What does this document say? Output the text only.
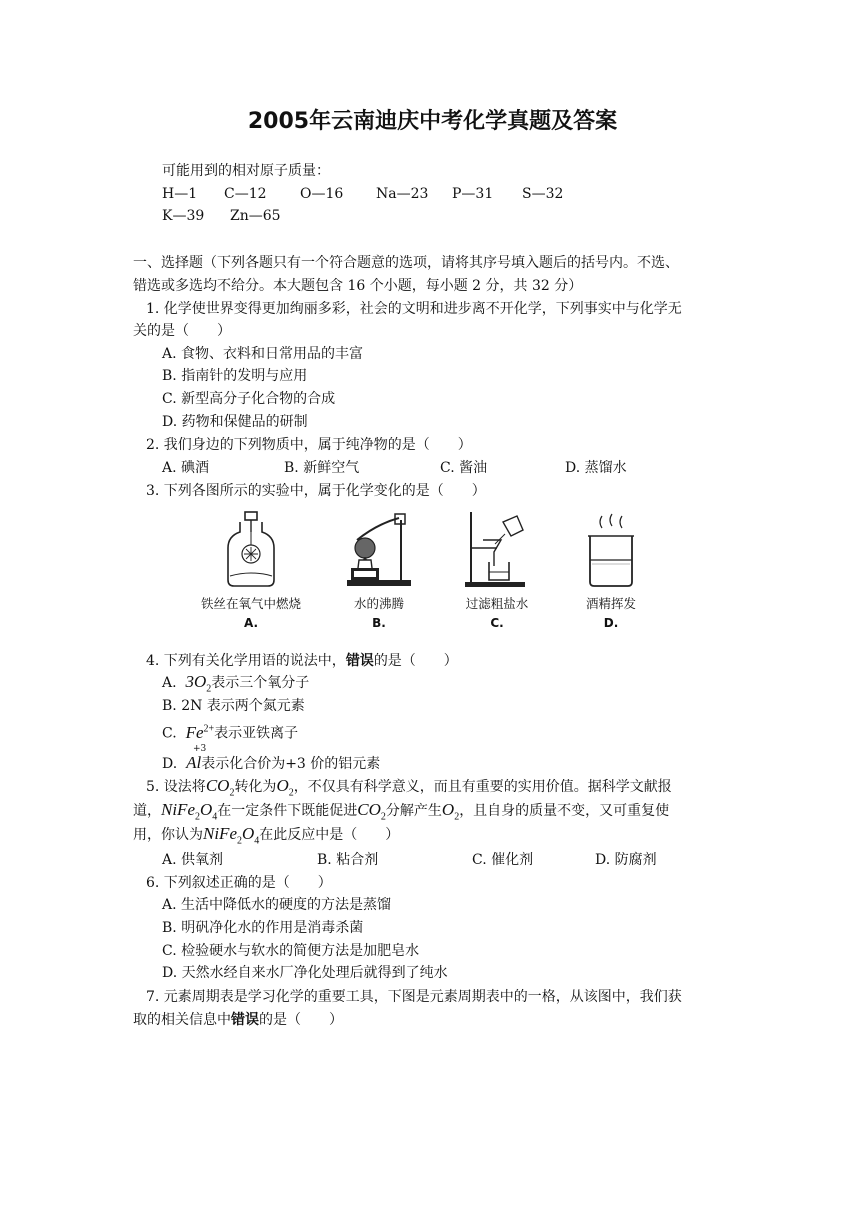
2005年云南迪庆中考化学真题及答案
可能用到的相对原子质量：
H—1 C—12 O—16 Na—23 P—31 S—32
K—39 Zn—65
一、选择题（下列各题只有一个符合题意的选项，请将其序号填入题后的括号内。不选、
错选或多选均不给分。本大题包含 16 个小题，每小题 2 分，共 32 分）
1. 化学使世界变得更加绚丽多彩，社会的文明和进步离不开化学，下列事实中与化学无
关的是（　　）
A. 食物、衣料和日常用品的丰富
B. 指南针的发明与应用
C. 新型高分子化合物的合成
D. 药物和保健品的研制
2. 我们身边的下列物质中，属于纯净物的是（　　）
A. 碘酒	B. 新鲜空气	C. 酱油	D. 蒸馏水
3. 下列各图所示的实验中，属于化学变化的是（　　）
铁丝在氧气中燃烧
A.
水的沸腾
B.
过滤粗盐水
C.
酒精挥发
D.
4. 下列有关化学用语的说法中，错误的是（　　）
A. $3O_2$表示三个氧分子
B. 2N 表示两个氮元素
C. $Fe^{2+}$表示亚铁离子
+3
D. Al表示化合价为+3 价的铝元素
5. 设法将$CO_2$转化为$O_2$，不仅具有科学意义，而且有重要的实用价值。据科学文献报
道，$NiFe_2O_4$在一定条件下既能促进$CO_2$分解产生$O_2$，且自身的质量不变，又可重复使
用，你认为$NiFe_2O_4$在此反应中是（　　）
A. 供氧剂	B. 粘合剂	C. 催化剂	D. 防腐剂
6. 下列叙述正确的是（　　）
A. 生活中降低水的硬度的方法是蒸馏
B. 明矾净化水的作用是消毒杀菌
C. 检验硬水与软水的简便方法是加肥皂水
D. 天然水经自来水厂净化处理后就得到了纯水
7. 元素周期表是学习化学的重要工具，下图是元素周期表中的一格，从该图中，我们获
取的相关信息中错误的是（　　）
